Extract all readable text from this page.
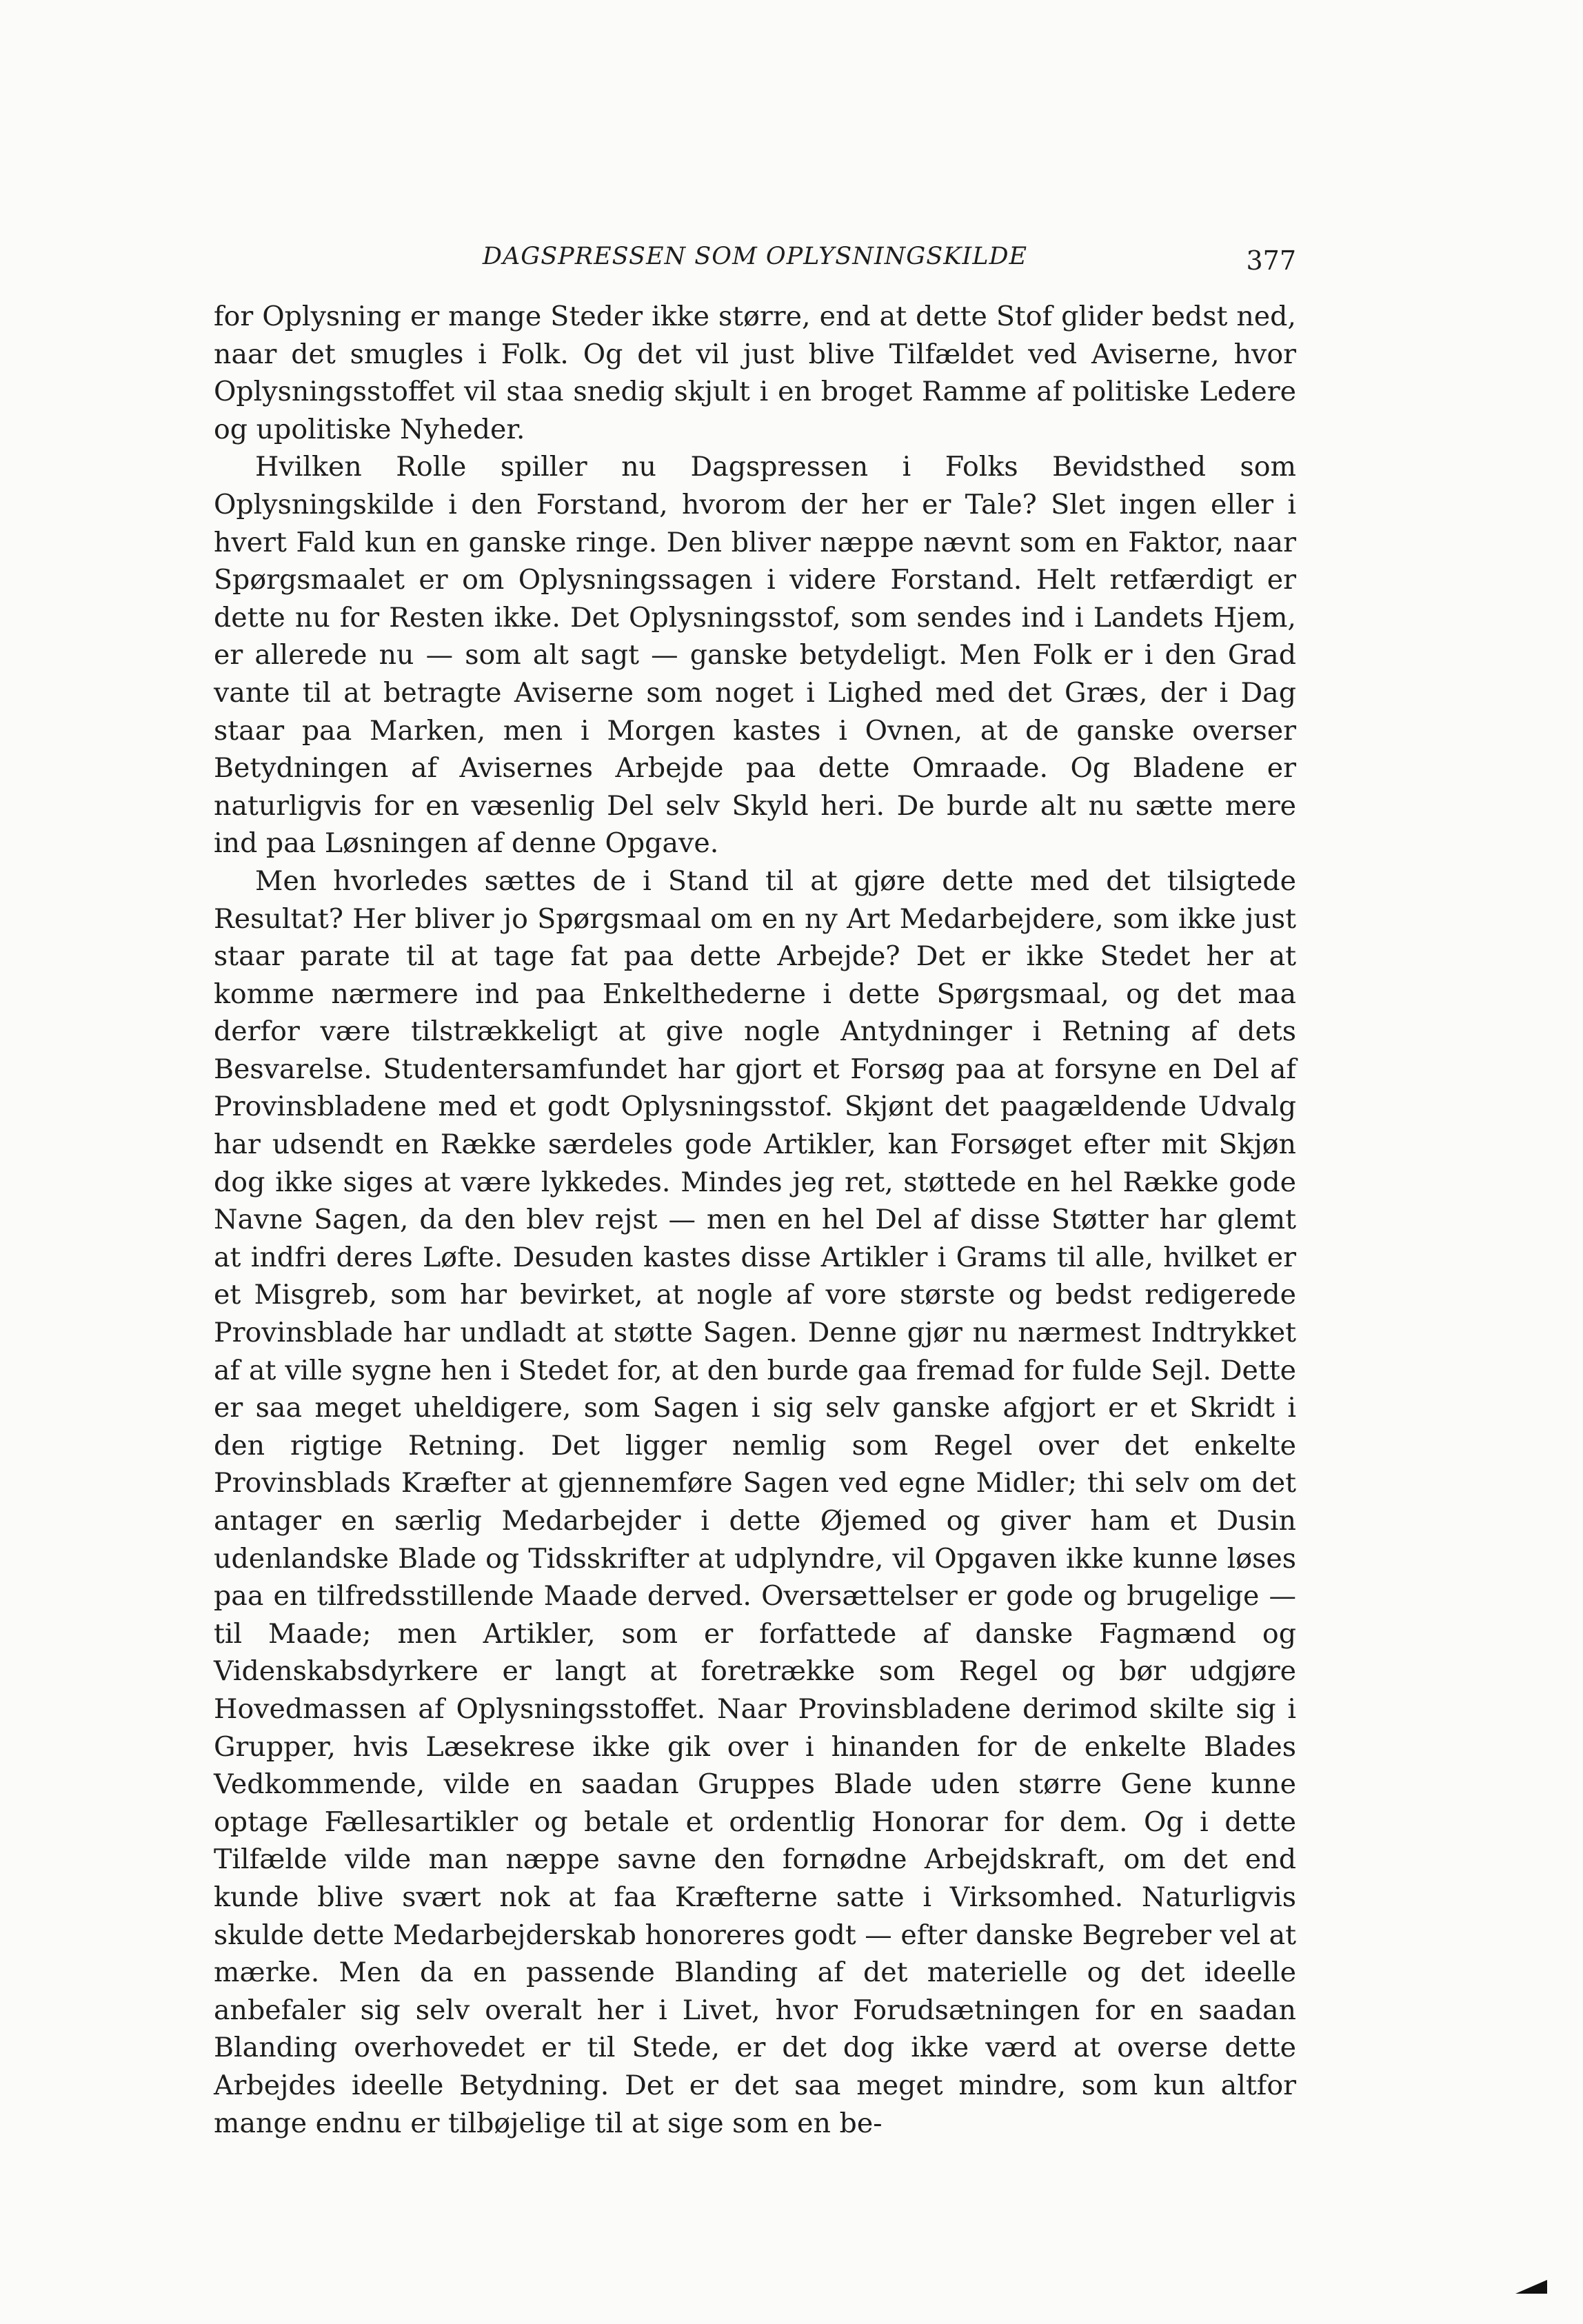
DAGSPRESSEN SOM OPLYSNINGSKILDE	377

for Oplysning er mange Steder ikke større, end at dette Stof glider bedst ned, naar det smugles i Folk. Og det vil just blive Tilfældet ved Aviserne, hvor Oplysningsstoffet vil staa snedig skjult i en broget Ramme af politiske Ledere og upolitiske Nyheder.

Hvilken Rolle spiller nu Dagspressen i Folks Bevidsthed som Oplysningskilde i den Forstand, hvorom der her er Tale? Slet ingen eller i hvert Fald kun en ganske ringe. Den bliver næppe nævnt som en Faktor, naar Spørgsmaalet er om Oplysningssagen i videre Forstand. Helt retfærdigt er dette nu for Resten ikke. Det Oplysningsstof, som sendes ind i Landets Hjem, er allerede nu — som alt sagt — ganske betydeligt. Men Folk er i den Grad vante til at betragte Aviserne som noget i Lighed med det Græs, der i Dag staar paa Marken, men i Morgen kastes i Ovnen, at de ganske overser Betydningen af Avisernes Arbejde paa dette Omraade. Og Bladene er naturligvis for en væsenlig Del selv Skyld heri. De burde alt nu sætte mere ind paa Løsningen af denne Opgave.

Men hvorledes sættes de i Stand til at gjøre dette med det tilsigtede Resultat? Her bliver jo Spørgsmaal om en ny Art Medarbejdere, som ikke just staar parate til at tage fat paa dette Arbejde? Det er ikke Stedet her at komme nærmere ind paa Enkelthederne i dette Spørgsmaal, og det maa derfor være tilstrækkeligt at give nogle Antydninger i Retning af dets Besvarelse. Studentersamfundet har gjort et Forsøg paa at forsyne en Del af Provinsbladene med et godt Oplysningsstof. Skjønt det paagældende Udvalg har udsendt en Række særdeles gode Artikler, kan Forsøget efter mit Skjøn dog ikke siges at være lykkedes. Mindes jeg ret, støttede en hel Række gode Navne Sagen, da den blev rejst — men en hel Del af disse Støtter har glemt at indfri deres Løfte. Desuden kastes disse Artikler i Grams til alle, hvilket er et Misgreb, som har bevirket, at nogle af vore største og bedst redigerede Provinsblade har undladt at støtte Sagen. Denne gjør nu nærmest Indtrykket af at ville sygne hen i Stedet for, at den burde gaa fremad for fulde Sejl. Dette er saa meget uheldigere, som Sagen i sig selv ganske afgjort er et Skridt i den rigtige Retning. Det ligger nemlig som Regel over det enkelte Provinsblads Kræfter at gjennemføre Sagen ved egne Midler; thi selv om det antager en særlig Medarbejder i dette Øjemed og giver ham et Dusin udenlandske Blade og Tidsskrifter at udplyndre, vil Opgaven ikke kunne løses paa en tilfredsstillende Maade derved. Oversættelser er gode og brugelige — til Maade; men Artikler, som er forfattede af danske Fagmænd og Videnskabsdyrkere er langt at foretrække som Regel og bør udgjøre Hovedmassen af Oplysningsstoffet. Naar Provinsbladene derimod skilte sig i Grupper, hvis Læsekrese ikke gik over i hinanden for de enkelte Blades Vedkommende, vilde en saadan Gruppes Blade uden større Gene kunne optage Fællesartikler og betale et ordentlig Honorar for dem. Og i dette Tilfælde vilde man næppe savne den fornødne Arbejdskraft, om det end kunde blive svært nok at faa Kræfterne satte i Virksomhed. Naturligvis skulde dette Medarbejderskab honoreres godt — efter danske Begreber vel at mærke. Men da en passende Blanding af det materielle og det ideelle anbefaler sig selv overalt her i Livet, hvor Forudsætningen for en saadan Blanding overhovedet er til Stede, er det dog ikke værd at overse dette Arbejdes ideelle Betydning. Det er det saa meget mindre, som kun altfor mange endnu er tilbøjelige til at sige som en be-
